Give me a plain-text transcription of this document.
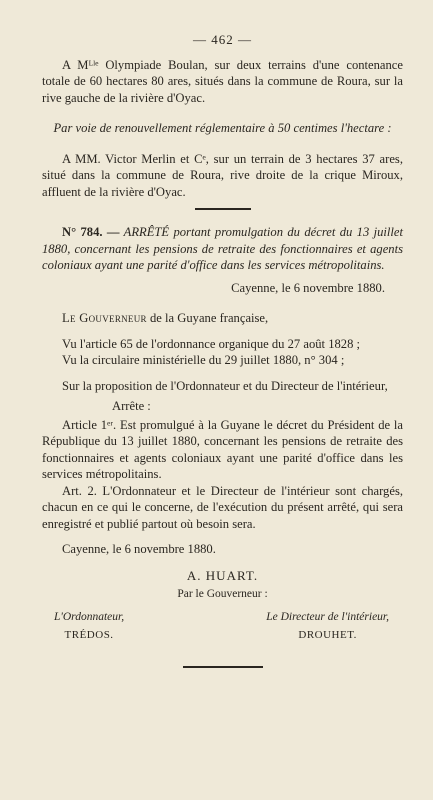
— 462 —

A Mᴸˡᵉ Olympiade Boulan, sur deux terrains d'une contenance totale de 60 hectares 80 ares, situés dans la commune de Roura, sur la rive gauche de la rivière d'Oyac.

Par voie de renouvellement réglementaire à 50 centimes l'hectare :

A MM. Victor Merlin et Cᵉ, sur un terrain de 3 hectares 37 ares, situé dans la commune de Roura, rive droite de la crique Miroux, affluent de la rivière d'Oyac.

N° 784. — ARRÊTÉ portant promulgation du décret du 13 juillet 1880, concernant les pensions de retraite des fonctionnaires et agents coloniaux ayant une parité d'office dans les services métropolitains.

Cayenne, le 6 novembre 1880.

Le Gouverneur de la Guyane française,

Vu l'article 65 de l'ordonnance organique du 27 août 1828 ;

Vu la circulaire ministérielle du 29 juillet 1880, n° 304 ;

Sur la proposition de l'Ordonnateur et du Directeur de l'intérieur,

Arrête :

Article 1ᵉʳ. Est promulgué à la Guyane le décret du Président de la République du 13 juillet 1880, concernant les pensions de retraite des fonctionnaires et agents coloniaux ayant une parité d'office dans les services métropolitains.

Art. 2. L'Ordonnateur et le Directeur de l'intérieur sont chargés, chacun en ce qui le concerne, de l'exécution du présent arrêté, qui sera enregistré et publié partout où besoin sera.

Cayenne, le 6 novembre 1880.

A. HUART.
Par le Gouverneur :
L'Ordonnateur,
TRÉDOS.
Le Directeur de l'intérieur,
DROUHET.
